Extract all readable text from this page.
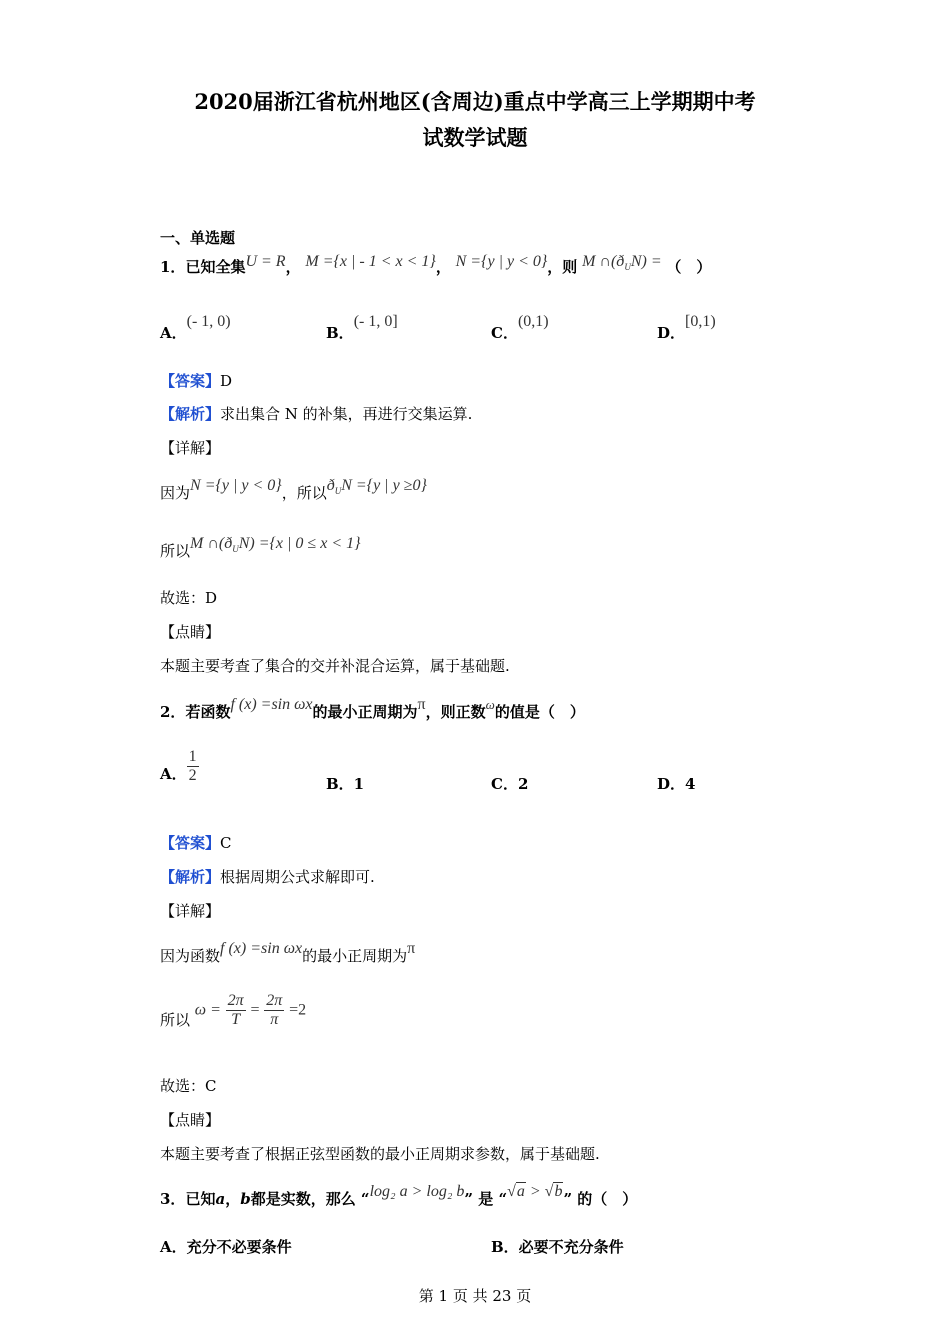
2020届浙江省杭州地区(含周边)重点中学高三上学期期中考
试数学试题
一、单选题
1．已知全集U = R， M ={x | - 1 < x < 1}， N ={y | y < 0}，则 M $\cap(ð_UN)$ = （　）
A．(- 1, 0)
B．(- 1, 0]
C．(0,1)
D．[0,1)
【答案】D
【解析】求出集合 N 的补集，再进行交集运算.
【详解】
因为N ={y | y < 0}，所以$ð_UN =\{y$ | y ≥0}
所以M $\cap(ð_UN) =\{x$ | 0 ≤ x < 1}
故选：D
【点睛】
本题主要考查了集合的交并补混合运算，属于基础题.
2．若函数f (x) =sin ωx的最小正周期为π，则正数ω的值是（　）
A． $\frac{1}{2}$	B．1	C．2	D．4
【答案】C
【解析】根据周期公式求解即可.
【详解】
因为函数f (x) =sin ωx的最小正周期为π
所以 $\omega = \frac{2\pi}{T} = \frac{2\pi}{\pi} =2$
故选：C
【点睛】
本题主要考查了根据正弦型函数的最小正周期求参数，属于基础题.
3．已知a，b都是实数，那么 “log₂ a > log₂ b” 是 “√a > √b” 的（　）
A．充分不必要条件	B．必要不充分条件
第 1 页 共 23 页
